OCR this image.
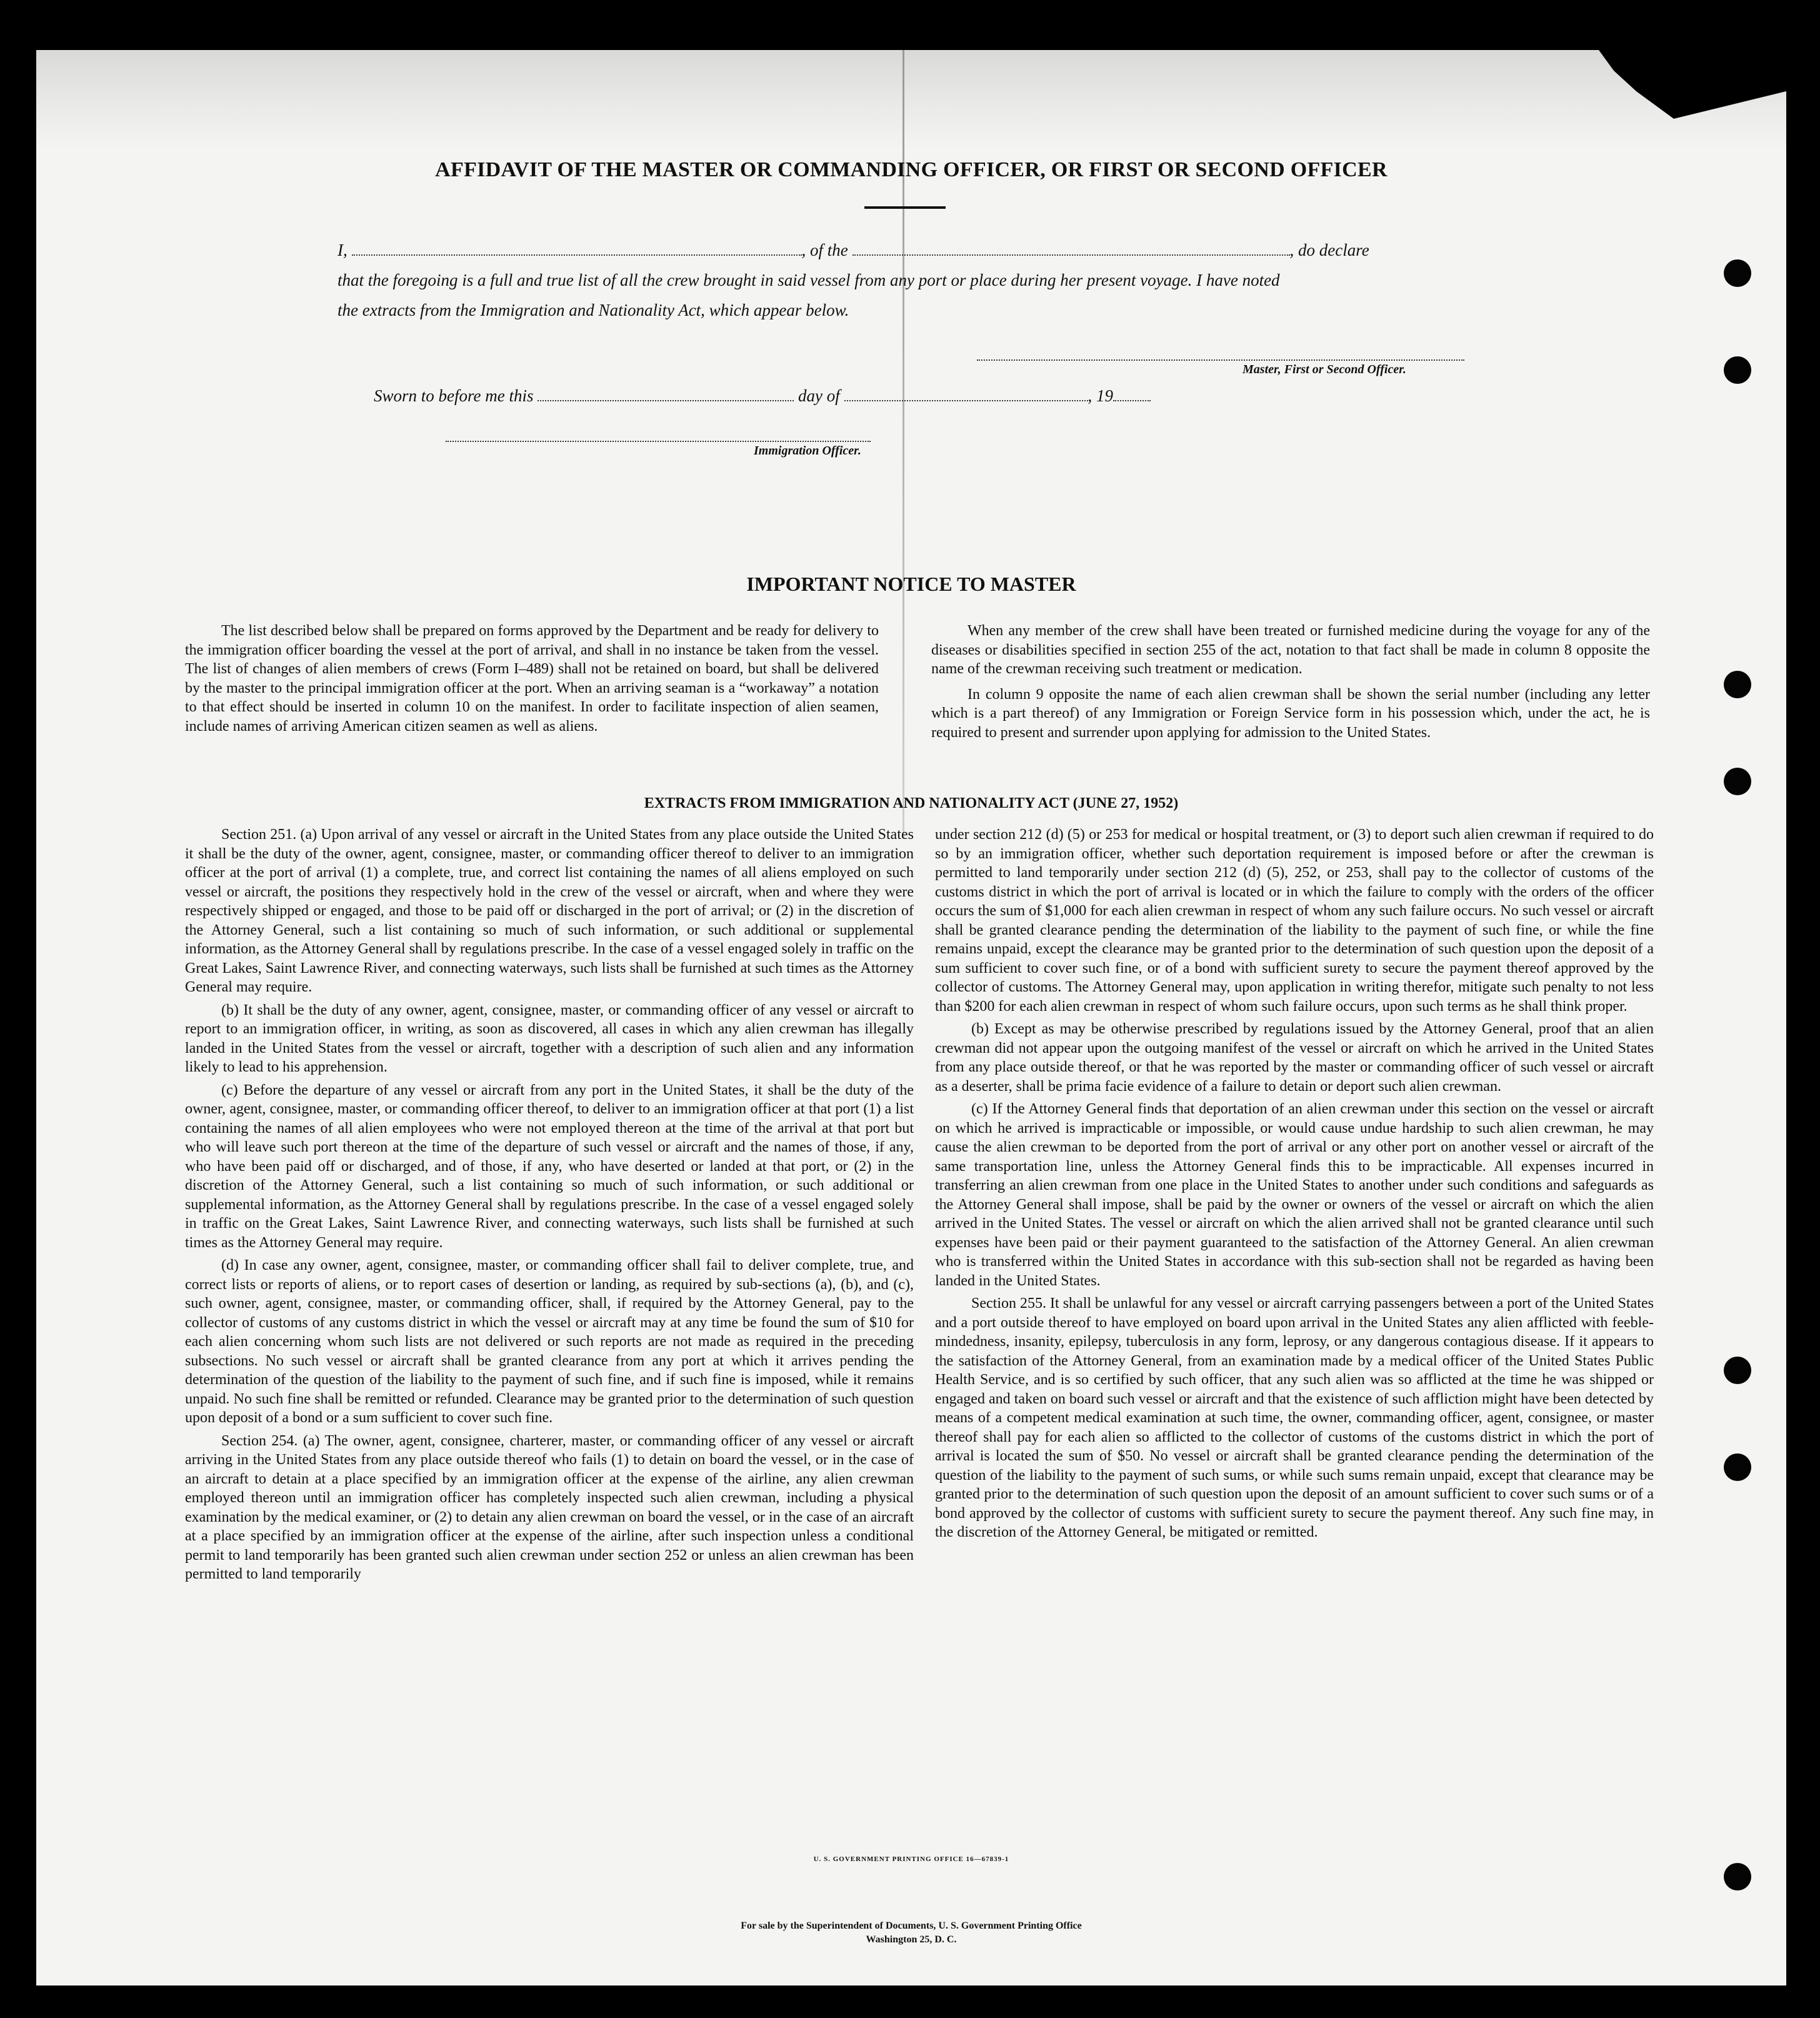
AFFIDAVIT OF THE MASTER OR COMMANDING OFFICER, OR FIRST OR SECOND OFFICER
I,	, of the	, do declare
that the foregoing is a full and true list of all the crew brought in said vessel from any port or place during her present voyage. I have noted
the extracts from the Immigration and Nationality Act, which appear below.
Master, First or Second Officer.
Sworn to before me this	day of	, 19
Immigration Officer.
IMPORTANT NOTICE TO MASTER

The list described below shall be prepared on forms approved by the Department and be ready for delivery to the immigration officer boarding the vessel at the port of arrival, and shall in no instance be taken from the vessel. The list of changes of alien members of crews (Form I–489) shall not be retained on board, but shall be delivered by the master to the principal immigration officer at the port. When an arriving seaman is a “workaway” a notation to that effect should be inserted in column 10 on the manifest. In order to facilitate inspection of alien seamen, include names of arriving American citizen seamen as well as aliens.

When any member of the crew shall have been treated or furnished medicine during the voyage for any of the diseases or disabilities specified in section 255 of the act, notation to that fact shall be made in column 8 opposite the name of the crewman receiving such treatment or medication.

In column 9 opposite the name of each alien crewman shall be shown the serial number (including any letter which is a part thereof) of any Immigration or Foreign Service form in his possession which, under the act, he is required to present and surrender upon applying for admission to the United States.

EXTRACTS FROM IMMIGRATION AND NATIONALITY ACT (JUNE 27, 1952)

Section 251. (a) Upon arrival of any vessel or aircraft in the United States from any place outside the United States it shall be the duty of the owner, agent, consignee, master, or commanding officer thereof to deliver to an immigration officer at the port of arrival (1) a complete, true, and correct list containing the names of all aliens employed on such vessel or aircraft, the positions they respectively hold in the crew of the vessel or aircraft, when and where they were respectively shipped or engaged, and those to be paid off or discharged in the port of arrival; or (2) in the discretion of the Attorney General, such a list containing so much of such information, or such additional or supplemental information, as the Attorney General shall by regulations prescribe. In the case of a vessel engaged solely in traffic on the Great Lakes, Saint Lawrence River, and connecting waterways, such lists shall be furnished at such times as the Attorney General may require.

(b) It shall be the duty of any owner, agent, consignee, master, or commanding officer of any vessel or aircraft to report to an immigration officer, in writing, as soon as discovered, all cases in which any alien crewman has illegally landed in the United States from the vessel or aircraft, together with a description of such alien and any information likely to lead to his apprehension.

(c) Before the departure of any vessel or aircraft from any port in the United States, it shall be the duty of the owner, agent, consignee, master, or commanding officer thereof, to deliver to an immigration officer at that port (1) a list containing the names of all alien employees who were not employed thereon at the time of the arrival at that port but who will leave such port thereon at the time of the departure of such vessel or aircraft and the names of those, if any, who have been paid off or discharged, and of those, if any, who have deserted or landed at that port, or (2) in the discretion of the Attorney General, such a list containing so much of such information, or such additional or supplemental information, as the Attorney General shall by regulations prescribe. In the case of a vessel engaged solely in traffic on the Great Lakes, Saint Lawrence River, and connecting waterways, such lists shall be furnished at such times as the Attorney General may require.

(d) In case any owner, agent, consignee, master, or commanding officer shall fail to deliver complete, true, and correct lists or reports of aliens, or to report cases of desertion or landing, as required by sub-sections (a), (b), and (c), such owner, agent, consignee, master, or commanding officer, shall, if required by the Attorney General, pay to the collector of customs of any customs district in which the vessel or aircraft may at any time be found the sum of $10 for each alien concerning whom such lists are not delivered or such reports are not made as required in the preceding subsections. No such vessel or aircraft shall be granted clearance from any port at which it arrives pending the determination of the question of the liability to the payment of such fine, and if such fine is imposed, while it remains unpaid. No such fine shall be remitted or refunded. Clearance may be granted prior to the determination of such question upon deposit of a bond or a sum sufficient to cover such fine.

Section 254. (a) The owner, agent, consignee, charterer, master, or commanding officer of any vessel or aircraft arriving in the United States from any place outside thereof who fails (1) to detain on board the vessel, or in the case of an aircraft to detain at a place specified by an immigration officer at the expense of the airline, any alien crewman employed thereon until an immigration officer has completely inspected such alien crewman, including a physical examination by the medical examiner, or (2) to detain any alien crewman on board the vessel, or in the case of an aircraft at a place specified by an immigration officer at the expense of the airline, after such inspection unless a conditional permit to land temporarily has been granted such alien crewman under section 252 or unless an alien crewman has been permitted to land temporarily

under section 212 (d) (5) or 253 for medical or hospital treatment, or (3) to deport such alien crewman if required to do so by an immigration officer, whether such deportation requirement is imposed before or after the crewman is permitted to land temporarily under section 212 (d) (5), 252, or 253, shall pay to the collector of customs of the customs district in which the port of arrival is located or in which the failure to comply with the orders of the officer occurs the sum of $1,000 for each alien crewman in respect of whom any such failure occurs. No such vessel or aircraft shall be granted clearance pending the determination of the liability to the payment of such fine, or while the fine remains unpaid, except the clearance may be granted prior to the determination of such question upon the deposit of a sum sufficient to cover such fine, or of a bond with sufficient surety to secure the payment thereof approved by the collector of customs. The Attorney General may, upon application in writing therefor, mitigate such penalty to not less than $200 for each alien crewman in respect of whom such failure occurs, upon such terms as he shall think proper.

(b) Except as may be otherwise prescribed by regulations issued by the Attorney General, proof that an alien crewman did not appear upon the outgoing manifest of the vessel or aircraft on which he arrived in the United States from any place outside thereof, or that he was reported by the master or commanding officer of such vessel or aircraft as a deserter, shall be prima facie evidence of a failure to detain or deport such alien crewman.

(c) If the Attorney General finds that deportation of an alien crewman under this section on the vessel or aircraft on which he arrived is impracticable or impossible, or would cause undue hardship to such alien crewman, he may cause the alien crewman to be deported from the port of arrival or any other port on another vessel or aircraft of the same transportation line, unless the Attorney General finds this to be impracticable. All expenses incurred in transferring an alien crewman from one place in the United States to another under such conditions and safeguards as the Attorney General shall impose, shall be paid by the owner or owners of the vessel or aircraft on which the alien arrived in the United States. The vessel or aircraft on which the alien arrived shall not be granted clearance until such expenses have been paid or their payment guaranteed to the satisfaction of the Attorney General. An alien crewman who is transferred within the United States in accordance with this sub-section shall not be regarded as having been landed in the United States.

Section 255. It shall be unlawful for any vessel or aircraft carrying passengers between a port of the United States and a port outside thereof to have employed on board upon arrival in the United States any alien afflicted with feeble-mindedness, insanity, epilepsy, tuberculosis in any form, leprosy, or any dangerous contagious disease. If it appears to the satisfaction of the Attorney General, from an examination made by a medical officer of the United States Public Health Service, and is so certified by such officer, that any such alien was so afflicted at the time he was shipped or engaged and taken on board such vessel or aircraft and that the existence of such affliction might have been detected by means of a competent medical examination at such time, the owner, commanding officer, agent, consignee, or master thereof shall pay for each alien so afflicted to the collector of customs of the customs district in which the port of arrival is located the sum of $50. No vessel or aircraft shall be granted clearance pending the determination of the question of the liability to the payment of such sums, or while such sums remain unpaid, except that clearance may be granted prior to the determination of such question upon the deposit of an amount sufficient to cover such sums or of a bond approved by the collector of customs with sufficient surety to secure the payment thereof. Any such fine may, in the discretion of the Attorney General, be mitigated or remitted.

U. S. GOVERNMENT PRINTING OFFICE 16—67839-1
For sale by the Superintendent of Documents, U. S. Government Printing Office
Washington 25, D. C.
